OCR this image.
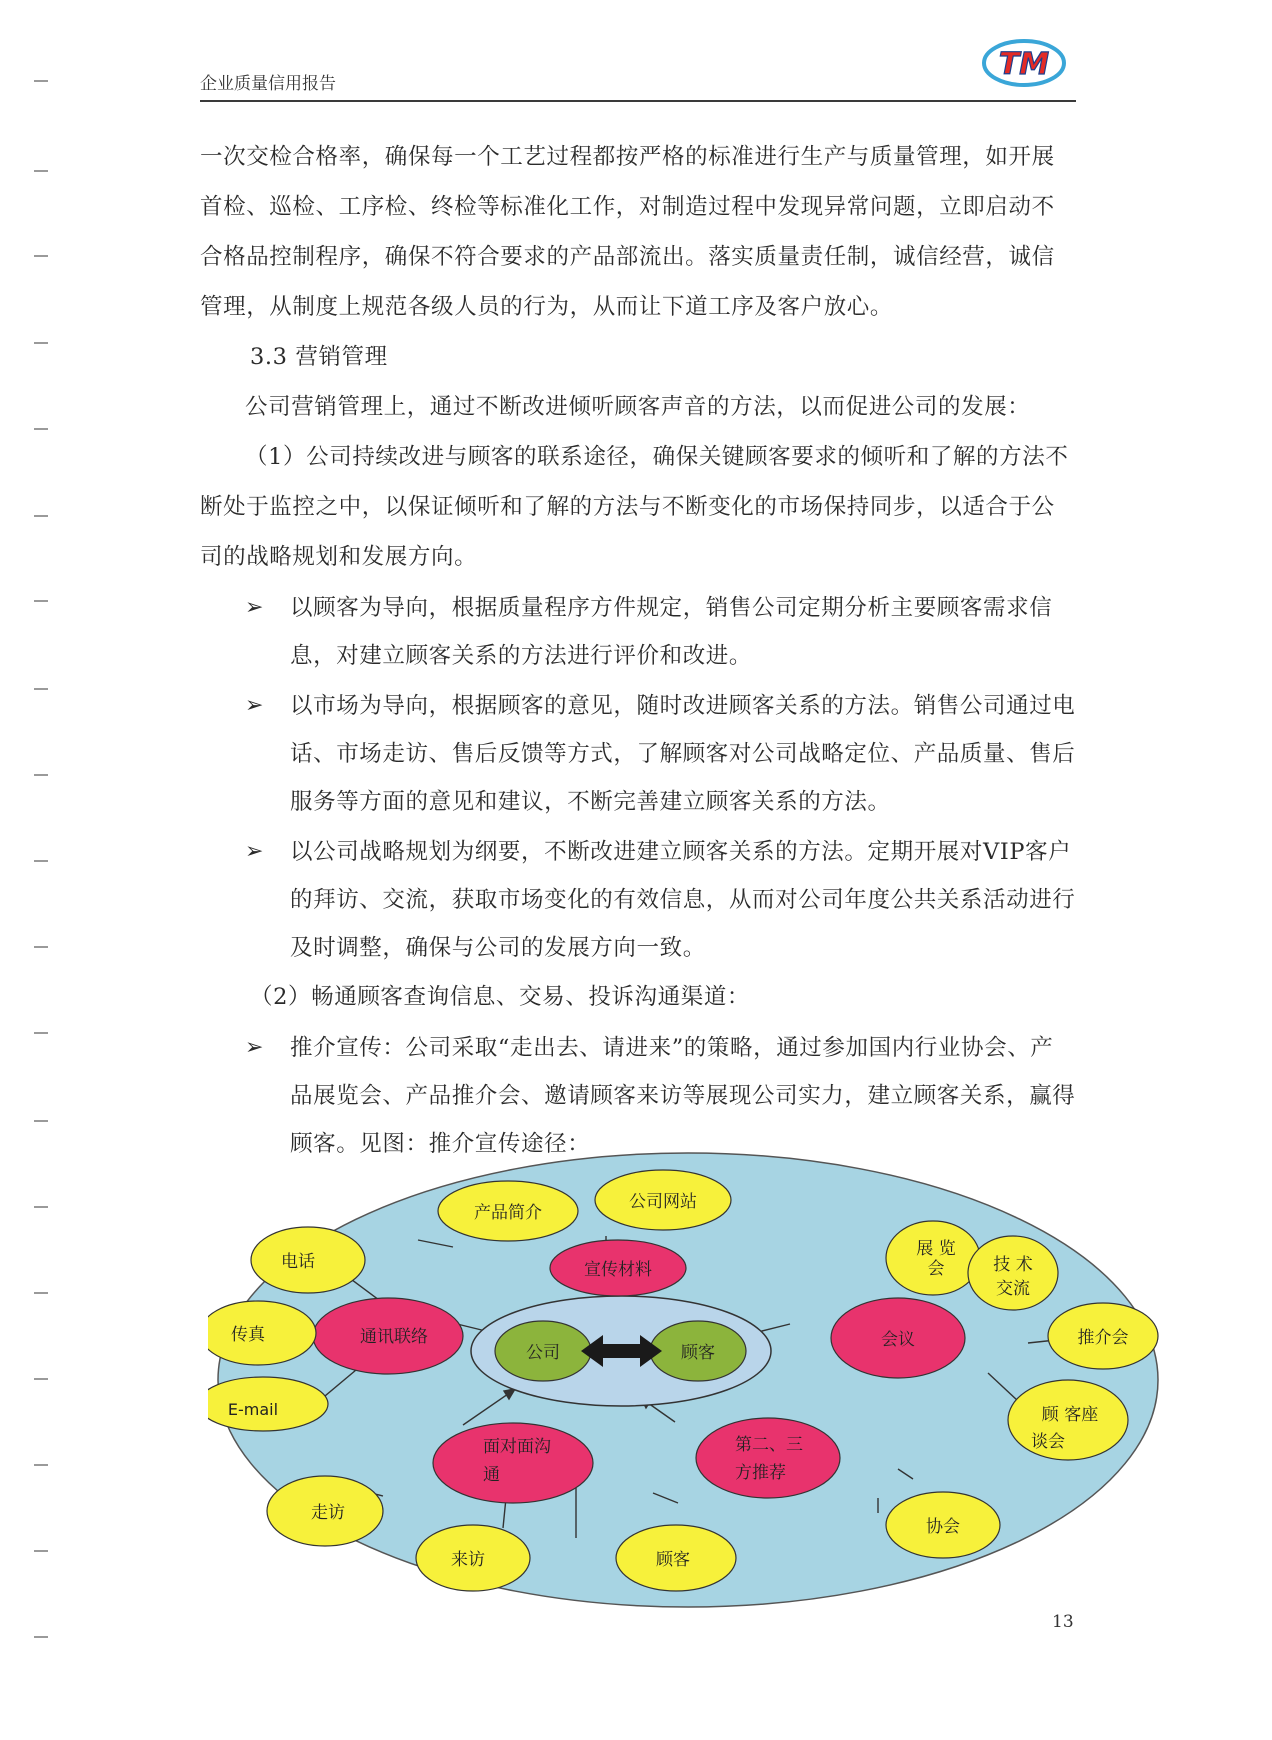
企业质量信用报告
TM
一次交检合格率，确保每一个工艺过程都按严格的标准进行生产与质量管理，如开展首检、巡检、工序检、终检等标准化工作，对制造过程中发现异常问题，立即启动不合格品控制程序，确保不符合要求的产品部流出。落实质量责任制，诚信经营，诚信管理，从制度上规范各级人员的行为，从而让下道工序及客户放心。
3.3 营销管理
公司营销管理上，通过不断改进倾听顾客声音的方法，以而促进公司的发展：
（1）公司持续改进与顾客的联系途径，确保关键顾客要求的倾听和了解的方法不断处于监控之中，以保证倾听和了解的方法与不断变化的市场保持同步，以适合于公司的战略规划和发展方向。
➢ 以顾客为导向，根据质量程序方件规定，销售公司定期分析主要顾客需求信息，对建立顾客关系的方法进行评价和改进。
➢ 以市场为导向，根据顾客的意见，随时改进顾客关系的方法。销售公司通过电话、市场走访、售后反馈等方式，了解顾客对公司战略定位、产品质量、售后服务等方面的意见和建议，不断完善建立顾客关系的方法。
➢ 以公司战略规划为纲要，不断改进建立顾客关系的方法。定期开展对VIP客户的拜访、交流，获取市场变化的有效信息，从而对公司年度公共关系活动进行及时调整，确保与公司的发展方向一致。
（2）畅通顾客查询信息、交易、投诉沟通渠道：
➢ 推介宣传：公司采取“走出去、请进来”的策略，通过参加国内行业协会、产品展览会、产品推介会、邀请顾客来访等展现公司实力，建立顾客关系，赢得顾客。见图：推介宣传途径：
公司	顾客
宣传材料
通讯联络	会议
面对面沟
通
第二、三
方推荐
产品简介
公司网站
电话
传真
E-mail
展 览
会	技 术
交流
推介会
顾 客座
谈会
走访
来访
协会
顾客
13
